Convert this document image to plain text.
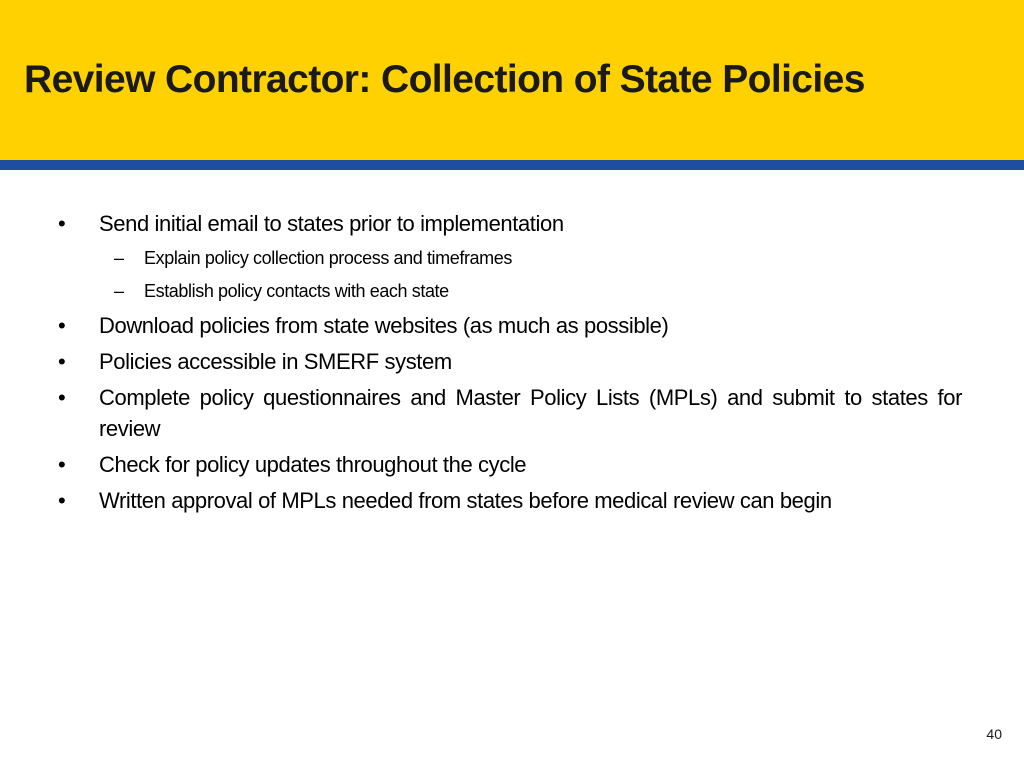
Review Contractor: Collection of State Policies
•	Send initial email to states prior to implementation
–	Explain policy collection process and timeframes
–	Establish policy contacts with each state
•	Download policies from state websites (as much as possible)
•	Policies accessible in SMERF system
•	Complete policy questionnaires and Master Policy Lists (MPLs) and submit to states for review
•	Check for policy updates throughout the cycle
•	Written approval of MPLs needed from states before medical review can begin
40
